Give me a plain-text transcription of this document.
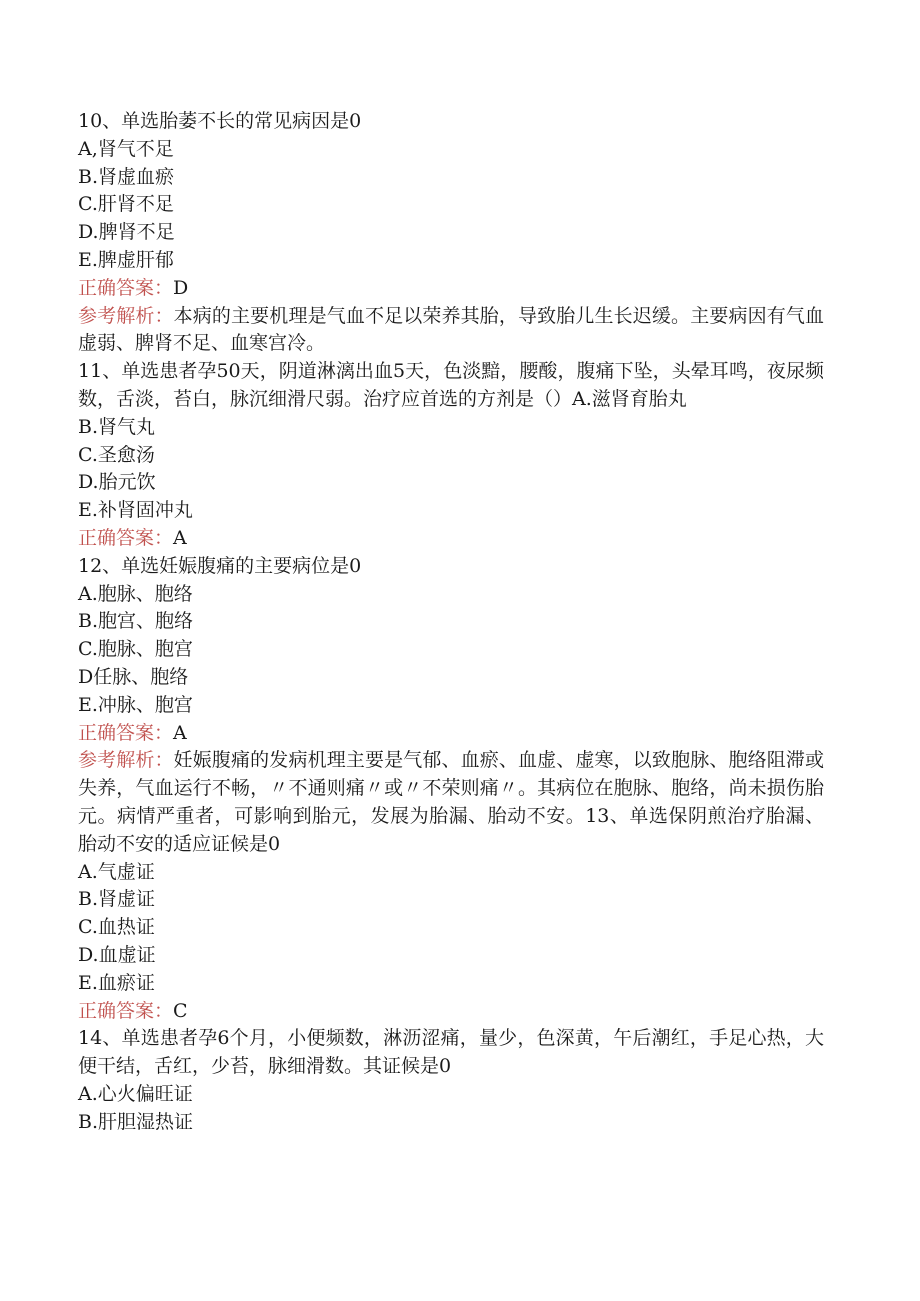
10、单选胎萎不长的常见病因是0

A,肾气不足

B.肾虚血瘀

C.肝肾不足

D.脾肾不足

E.脾虚肝郁

正确答案：D

参考解析：本病的主要机理是气血不足以荣养其胎，导致胎儿生长迟缓。主要病因有气血虚弱、脾肾不足、血寒宫冷。

11、单选患者孕50天，阴道淋漓出血5天，色淡黯，腰酸，腹痛下坠，头晕耳鸣，夜尿频数，舌淡，苔白，脉沉细滑尺弱。治疗应首选的方剂是（）A.滋肾育胎丸

B.肾气丸

C.圣愈汤

D.胎元饮

E.补肾固冲丸

正确答案：A

12、单选妊娠腹痛的主要病位是0

A.胞脉、胞络

B.胞宫、胞络

C.胞脉、胞宫

D任脉、胞络

E.冲脉、胞宫

正确答案：A

参考解析：妊娠腹痛的发病机理主要是气郁、血瘀、血虚、虚寒，以致胞脉、胞络阻滞或失养，气血运行不畅，〃不通则痛〃或〃不荣则痛〃。其病位在胞脉、胞络，尚未损伤胎元。病情严重者，可影响到胎元，发展为胎漏、胎动不安。13、单选保阴煎治疗胎漏、胎动不安的适应证候是0

A.气虚证

B.肾虚证

C.血热证

D.血虚证

E.血瘀证

正确答案：C

14、单选患者孕6个月，小便频数，淋沥涩痛，量少，色深黄，午后潮红，手足心热，大便干结，舌红，少苔，脉细滑数。其证候是0

A.心火偏旺证

B.肝胆湿热证
